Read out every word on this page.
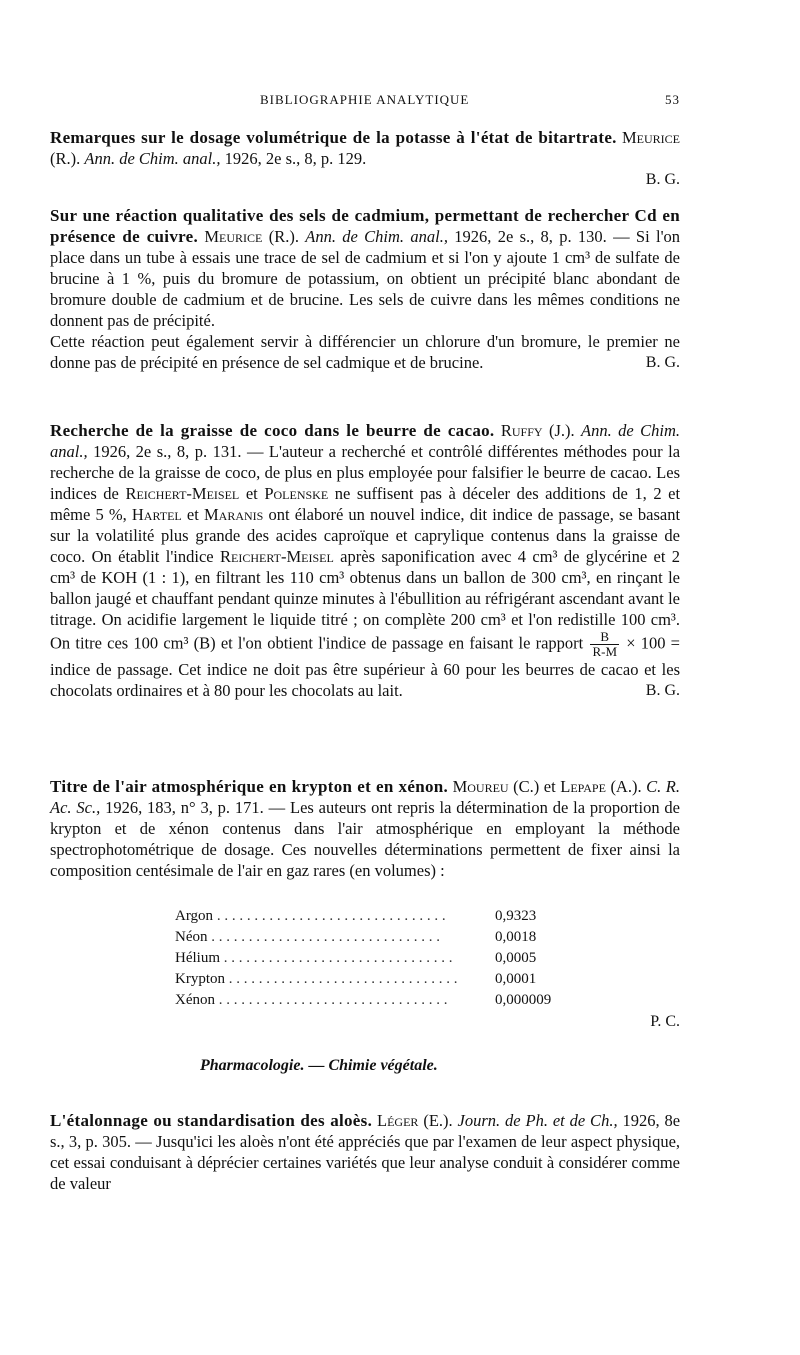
BIBLIOGRAPHIE ANALYTIQUE	53

Remarques sur le dosage volumétrique de la potasse à l'état de bitartrate. Meurice (R.). Ann. de Chim. anal., 1926, 2e s., 8, p. 129.

B. G.

Sur une réaction qualitative des sels de cadmium, permettant de rechercher Cd en présence de cuivre. Meurice (R.). Ann. de Chim. anal., 1926, 2e s., 8, p. 130. — Si l'on place dans un tube à essais une trace de sel de cadmium et si l'on y ajoute 1 cm³ de sulfate de brucine à 1 %, puis du bromure de potassium, on obtient un précipité blanc abondant de bromure double de cadmium et de brucine. Les sels de cuivre dans les mêmes conditions ne donnent pas de précipité.

Cette réaction peut également servir à différencier un chlorure d'un bromure, le premier ne donne pas de précipité en présence de sel cadmique et de brucine.	B. G.

Recherche de la graisse de coco dans le beurre de cacao. Ruffy (J.). Ann. de Chim. anal., 1926, 2e s., 8, p. 131. — L'auteur a recherché et contrôlé différentes méthodes pour la recherche de la graisse de coco, de plus en plus employée pour falsifier le beurre de cacao. Les indices de Reichert-Meisel et Polenske ne suffisent pas à déceler des additions de 1, 2 et même 5 %, Hartel et Maranis ont élaboré un nouvel indice, dit indice de passage, se basant sur la volatilité plus grande des acides caproïque et caprylique contenus dans la graisse de coco. On établit l'indice Reichert-Meisel après saponification avec 4 cm³ de glycérine et 2 cm³ de KOH (1 : 1), en filtrant les 110 cm³ obtenus dans un ballon de 300 cm³, en rinçant le ballon jaugé et chauffant pendant quinze minutes à l'ébullition au réfrigérant ascendant avant le titrage. On acidifie largement le liquide titré ; on complète 200 cm³ et l'on redistille 100 cm³. On titre ces 100 cm³ (B) et l'on obtient l'indice de passage en faisant le rapport $\frac{B}{R-M} \times 100$ = indice de passage. Cet indice ne doit pas être supérieur à 60 pour les beurres de cacao et les chocolats ordinaires et à 80 pour les chocolats au lait.	B. G.

Titre de l'air atmosphérique en krypton et en xénon. Moureu (C.) et Lepape (A.). C. R. Ac. Sc., 1926, 183, n° 3, p. 171. — Les auteurs ont repris la détermination de la proportion de krypton et de xénon contenus dans l'air atmosphérique en employant la méthode spectrophotométrique de dosage. Ces nouvelles déterminations permettent de fixer ainsi la composition centésimale de l'air en gaz rares (en volumes) :

Argon . . . . . . . . . . . . . . . . . . . . . . . . . . . . . . .	0,9323
Néon . . . . . . . . . . . . . . . . . . . . . . . . . . . . . . .	0,0018
Hélium . . . . . . . . . . . . . . . . . . . . . . . . . . . . . . .	0,0005
Krypton . . . . . . . . . . . . . . . . . . . . . . . . . . . . . . .	0,0001
Xénon . . . . . . . . . . . . . . . . . . . . . . . . . . . . . . .	0,000009

P. C.

Pharmacologie. — Chimie végétale.

L'étalonnage ou standardisation des aloès. Léger (E.). Journ. de Ph. et de Ch., 1926, 8e s., 3, p. 305. — Jusqu'ici les aloès n'ont été appréciés que par l'examen de leur aspect physique, cet essai conduisant à déprécier certaines variétés que leur analyse conduit à considérer comme de valeur
